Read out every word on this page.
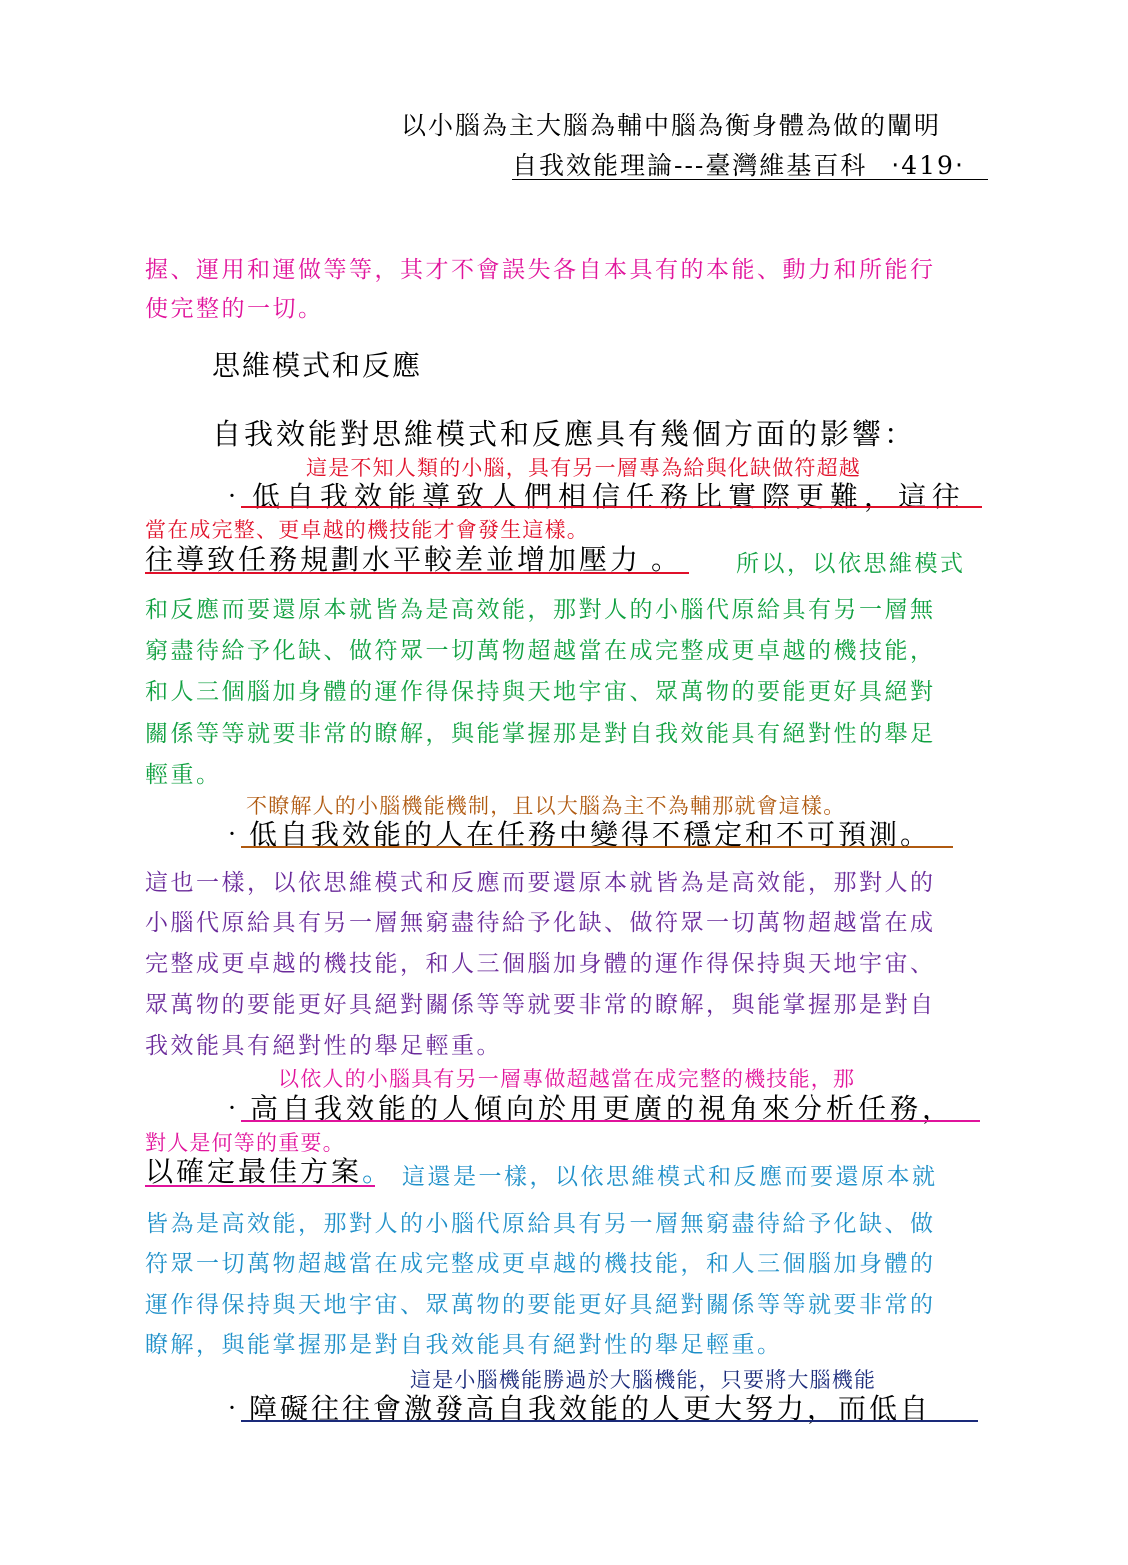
以小腦為主大腦為輔中腦為衡身體為做的闡明
自我效能理論---臺灣維基百科 ‧419‧
握、運用和運做等等，其才不會誤失各自本具有的本能、動力和所能行
使完整的一切。
思維模式和反應
自我效能對思維模式和反應具有幾個方面的影響：
這是不知人類的小腦，具有另一層專為給與化缺做符超越
‧低自我效能導致人們相信任務比實際更難，這往
當在成完整、更卓越的機技能才會發生這樣。
往導致任務規劃水平較差並增加壓力 。 所以，以依思維模式
和反應而要還原本就皆為是高效能，那對人的小腦代原給具有另一層無
窮盡待給予化缺、做符眾一切萬物超越當在成完整成更卓越的機技能，
和人三個腦加身體的運作得保持與天地宇宙、眾萬物的要能更好具絕對
關係等等就要非常的瞭解，與能掌握那是對自我效能具有絕對性的舉足
輕重。
不瞭解人的小腦機能機制，且以大腦為主不為輔那就會這樣。
‧低自我效能的人在任務中變得不穩定和不可預測。
這也一樣，以依思維模式和反應而要還原本就皆為是高效能，那對人的
小腦代原給具有另一層無窮盡待給予化缺、做符眾一切萬物超越當在成
完整成更卓越的機技能，和人三個腦加身體的運作得保持與天地宇宙、
眾萬物的要能更好具絕對關係等等就要非常的瞭解，與能掌握那是對自
我效能具有絕對性的舉足輕重。
以依人的小腦具有另一層專做超越當在成完整的機技能，那
‧高自我效能的人傾向於用更廣的視角來分析任務，
對人是何等的重要。
以確定最佳方案。 這還是一樣，以依思維模式和反應而要還原本就
皆為是高效能，那對人的小腦代原給具有另一層無窮盡待給予化缺、做
符眾一切萬物超越當在成完整成更卓越的機技能，和人三個腦加身體的
運作得保持與天地宇宙、眾萬物的要能更好具絕對關係等等就要非常的
瞭解，與能掌握那是對自我效能具有絕對性的舉足輕重。
這是小腦機能勝過於大腦機能，只要將大腦機能
‧障礙往往會激發高自我效能的人更大努力，而低自
